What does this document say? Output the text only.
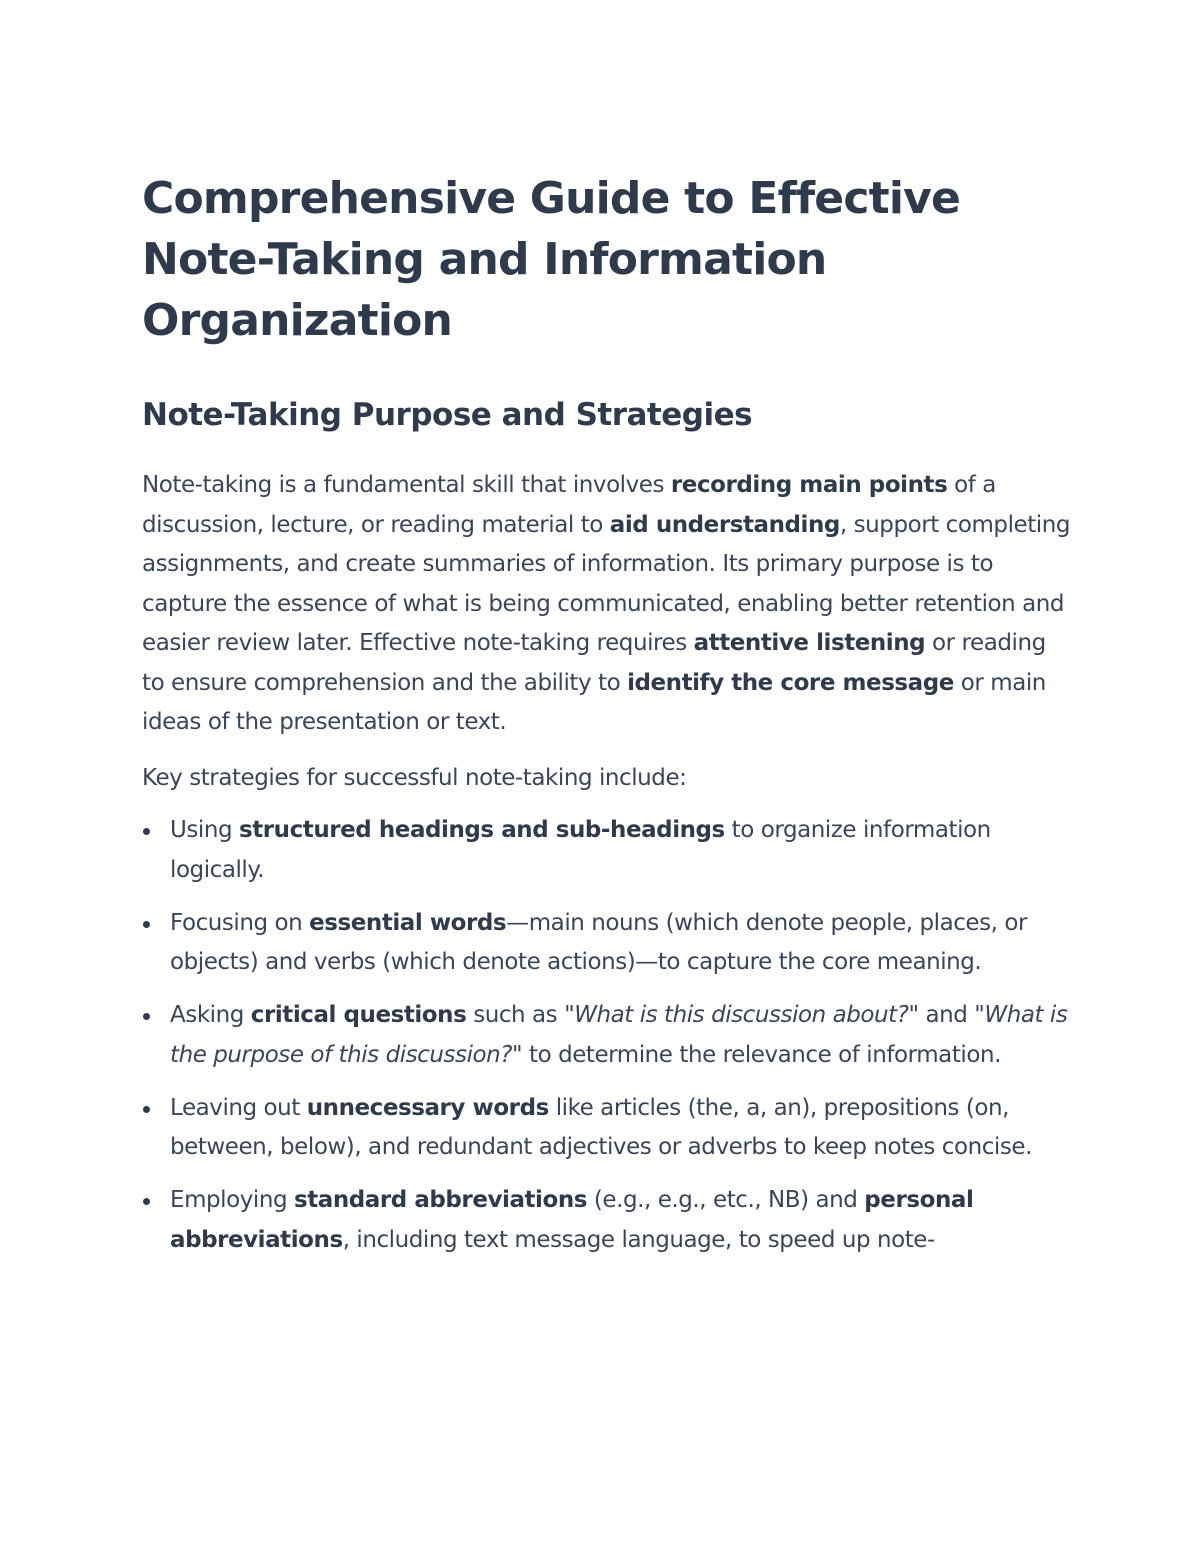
Comprehensive Guide to Effective Note-Taking and Information Organization
Note-Taking Purpose and Strategies

Note-taking is a fundamental skill that involves recording main points of a discussion, lecture, or reading material to aid understanding, support completing assignments, and create summaries of information. Its primary purpose is to capture the essence of what is being communicated, enabling better retention and easier review later. Effective note-taking requires attentive listening or reading to ensure comprehension and the ability to identify the core message or main ideas of the presentation or text.

Key strategies for successful note-taking include:

Using structured headings and sub-headings to organize information logically.
Focusing on essential words—main nouns (which denote people, places, or objects) and verbs (which denote actions)—to capture the core meaning.
Asking critical questions such as "What is this discussion about?" and "What is the purpose of this discussion?" to determine the relevance of information.
Leaving out unnecessary words like articles (the, a, an), prepositions (on, between, below), and redundant adjectives or adverbs to keep notes concise.
Employing standard abbreviations (e.g., e.g., etc., NB) and personal abbreviations, including text message language, to speed up note-
